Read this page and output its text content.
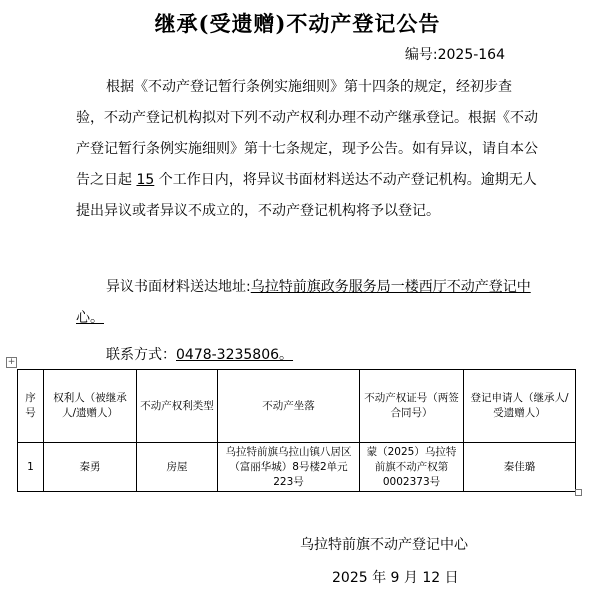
继承(受遗赠)不动产登记公告
编号:2025-164

根据《不动产登记暂行条例实施细则》第十四条的规定，经初步查验，不动产登记机构拟对下列不动产权利办理不动产继承登记。根据《不动产登记暂行条例实施细则》第十七条规定，现予公告。如有异议，请自本公告之日起 15 个工作日内，将异议书面材料送达不动产登记机构。逾期无人提出异议或者异议不成立的，不动产登记机构将予以登记。

异议书面材料送达地址:乌拉特前旗政务服务局一楼西厅不动产登记中心。

联系方式：0478-3235806。

+
序号	权利人（被继承人/遗赠人）	不动产权利类型	不动产坐落	不动产权证号（两签合同号）	登记申请人（继承人/受遗赠人）
1	秦勇	房屋	乌拉特前旗乌拉山镇八居区（富丽华城）8号楼2单元223号	蒙（2025）乌拉特前旗不动产权第0002373号	秦佳璐
乌拉特前旗不动产登记中心
2025 年 9 月 12 日
